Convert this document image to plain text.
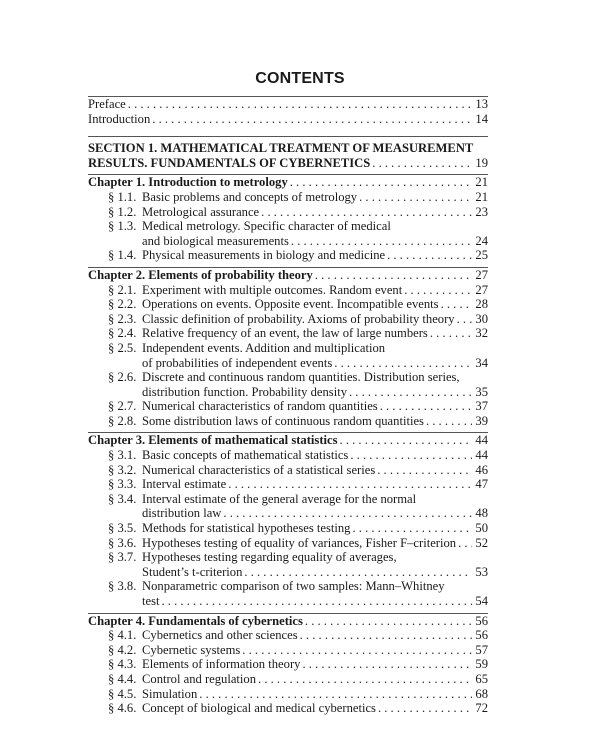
CONTENTS
Preface . . .	13
Introduction . . .	14
SECTION 1. MATHEMATICAL TREATMENT OF MEASUREMENT
RESULTS. FUNDAMENTALS OF CYBERNETICS . . .	19
Chapter 1. Introduction to metrology . . .	21
§ 1.1. Basic problems and concepts of metrology . . .	21
§ 1.2. Metrological assurance . . .	23
§ 1.3. Medical metrology. Specific character of medical
and biological measurements . . .	24
§ 1.4. Physical measurements in biology and medicine . . .	25
Chapter 2. Elements of probability theory . . .	27
§ 2.1. Experiment with multiple outcomes. Random event . . .	27
§ 2.2. Operations on events. Opposite event. Incompatible events . . .	28
§ 2.3. Classic definition of probability. Axioms of probability theory . . . 30
§ 2.4. Relative frequency of an event, the law of large numbers . . .	32
§ 2.5. Independent events. Addition and multiplication
of probabilities of independent events . . .	34
§ 2.6. Discrete and continuous random quantities. Distribution series,
distribution function. Probability density . . .	35
§ 2.7. Numerical characteristics of random quantities . . .	37
§ 2.8. Some distribution laws of continuous random quantities . . .	39
Chapter 3. Elements of mathematical statistics . . .	44
§ 3.1. Basic concepts of mathematical statistics . . .	44
§ 3.2. Numerical characteristics of a statistical series . . .	46
§ 3.3. Interval estimate . . .	47
§ 3.4. Interval estimate of the general average for the normal
distribution law . . .	48
§ 3.5. Methods for statistical hypotheses testing . . .	50
§ 3.6. Hypotheses testing of equality of variances, Fisher F–criterion . . . 52
§ 3.7. Hypotheses testing regarding equality of averages,
Student’s t-criterion . . .	53
§ 3.8. Nonparametric comparison of two samples: Mann–Whitney
test . . .	54
Chapter 4. Fundamentals of cybernetics . . .	56
§ 4.1. Cybernetics and other sciences . . .	56
§ 4.2. Cybernetic systems . . .	57
§ 4.3. Elements of information theory . . .	59
§ 4.4. Control and regulation . . .	65
§ 4.5. Simulation . . .	68
§ 4.6. Concept of biological and medical cybernetics . . .	72
